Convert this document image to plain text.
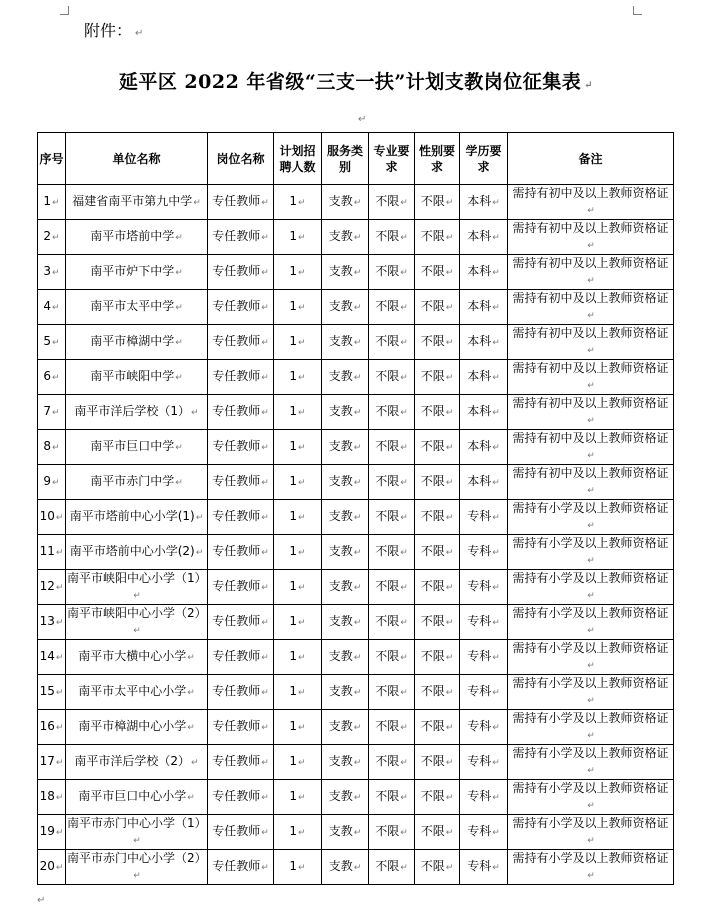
附件： ↵
延平区 2022 年省级“三支一扶”计划支教岗位征集表 ↵
↵
序号	单位名称	岗位名称	计划招聘人数	服务类别	专业要求	性别要求	学历要求	备注
1↵	福建省南平市第九中学↵	专任教师↵	1↵	支教↵	不限↵	不限↵	本科↵	需持有初中及以上教师资格证↵
2↵	南平市塔前中学↵	专任教师↵	1↵	支教↵	不限↵	不限↵	本科↵	需持有初中及以上教师资格证↵
3↵	南平市炉下中学↵	专任教师↵	1↵	支教↵	不限↵	不限↵	本科↵	需持有初中及以上教师资格证↵
4↵	南平市太平中学↵	专任教师↵	1↵	支教↵	不限↵	不限↵	本科↵	需持有初中及以上教师资格证↵
5↵	南平市樟湖中学↵	专任教师↵	1↵	支教↵	不限↵	不限↵	本科↵	需持有初中及以上教师资格证↵
6↵	南平市峡阳中学↵	专任教师↵	1↵	支教↵	不限↵	不限↵	本科↵	需持有初中及以上教师资格证↵
7↵	南平市洋后学校（1）↵	专任教师↵	1↵	支教↵	不限↵	不限↵	本科↵	需持有初中及以上教师资格证↵
8↵	南平市巨口中学↵	专任教师↵	1↵	支教↵	不限↵	不限↵	本科↵	需持有初中及以上教师资格证↵
9↵	南平市赤门中学↵	专任教师↵	1↵	支教↵	不限↵	不限↵	本科↵	需持有初中及以上教师资格证↵
10↵	南平市塔前中心小学(1)↵	专任教师↵	1↵	支教↵	不限↵	不限↵	专科↵	需持有小学及以上教师资格证↵
11↵	南平市塔前中心小学(2)↵	专任教师↵	1↵	支教↵	不限↵	不限↵	专科↵	需持有小学及以上教师资格证↵
12↵	南平市峡阳中心小学（1）↵	专任教师↵	1↵	支教↵	不限↵	不限↵	专科↵	需持有小学及以上教师资格证↵
13↵	南平市峡阳中心小学（2）↵	专任教师↵	1↵	支教↵	不限↵	不限↵	专科↵	需持有小学及以上教师资格证↵
14↵	南平市大横中心小学↵	专任教师↵	1↵	支教↵	不限↵	不限↵	专科↵	需持有小学及以上教师资格证↵
15↵	南平市太平中心小学↵	专任教师↵	1↵	支教↵	不限↵	不限↵	专科↵	需持有小学及以上教师资格证↵
16↵	南平市樟湖中心小学↵	专任教师↵	1↵	支教↵	不限↵	不限↵	专科↵	需持有小学及以上教师资格证↵
17↵	南平市洋后学校（2）↵	专任教师↵	1↵	支教↵	不限↵	不限↵	专科↵	需持有小学及以上教师资格证↵
18↵	南平市巨口中心小学↵	专任教师↵	1↵	支教↵	不限↵	不限↵	专科↵	需持有小学及以上教师资格证↵
19↵	南平市赤门中心小学（1）↵	专任教师↵	1↵	支教↵	不限↵	不限↵	专科↵	需持有小学及以上教师资格证↵
20↵	南平市赤门中心小学（2）↵	专任教师↵	1↵	支教↵	不限↵	不限↵	专科↵	需持有小学及以上教师资格证↵
↵
